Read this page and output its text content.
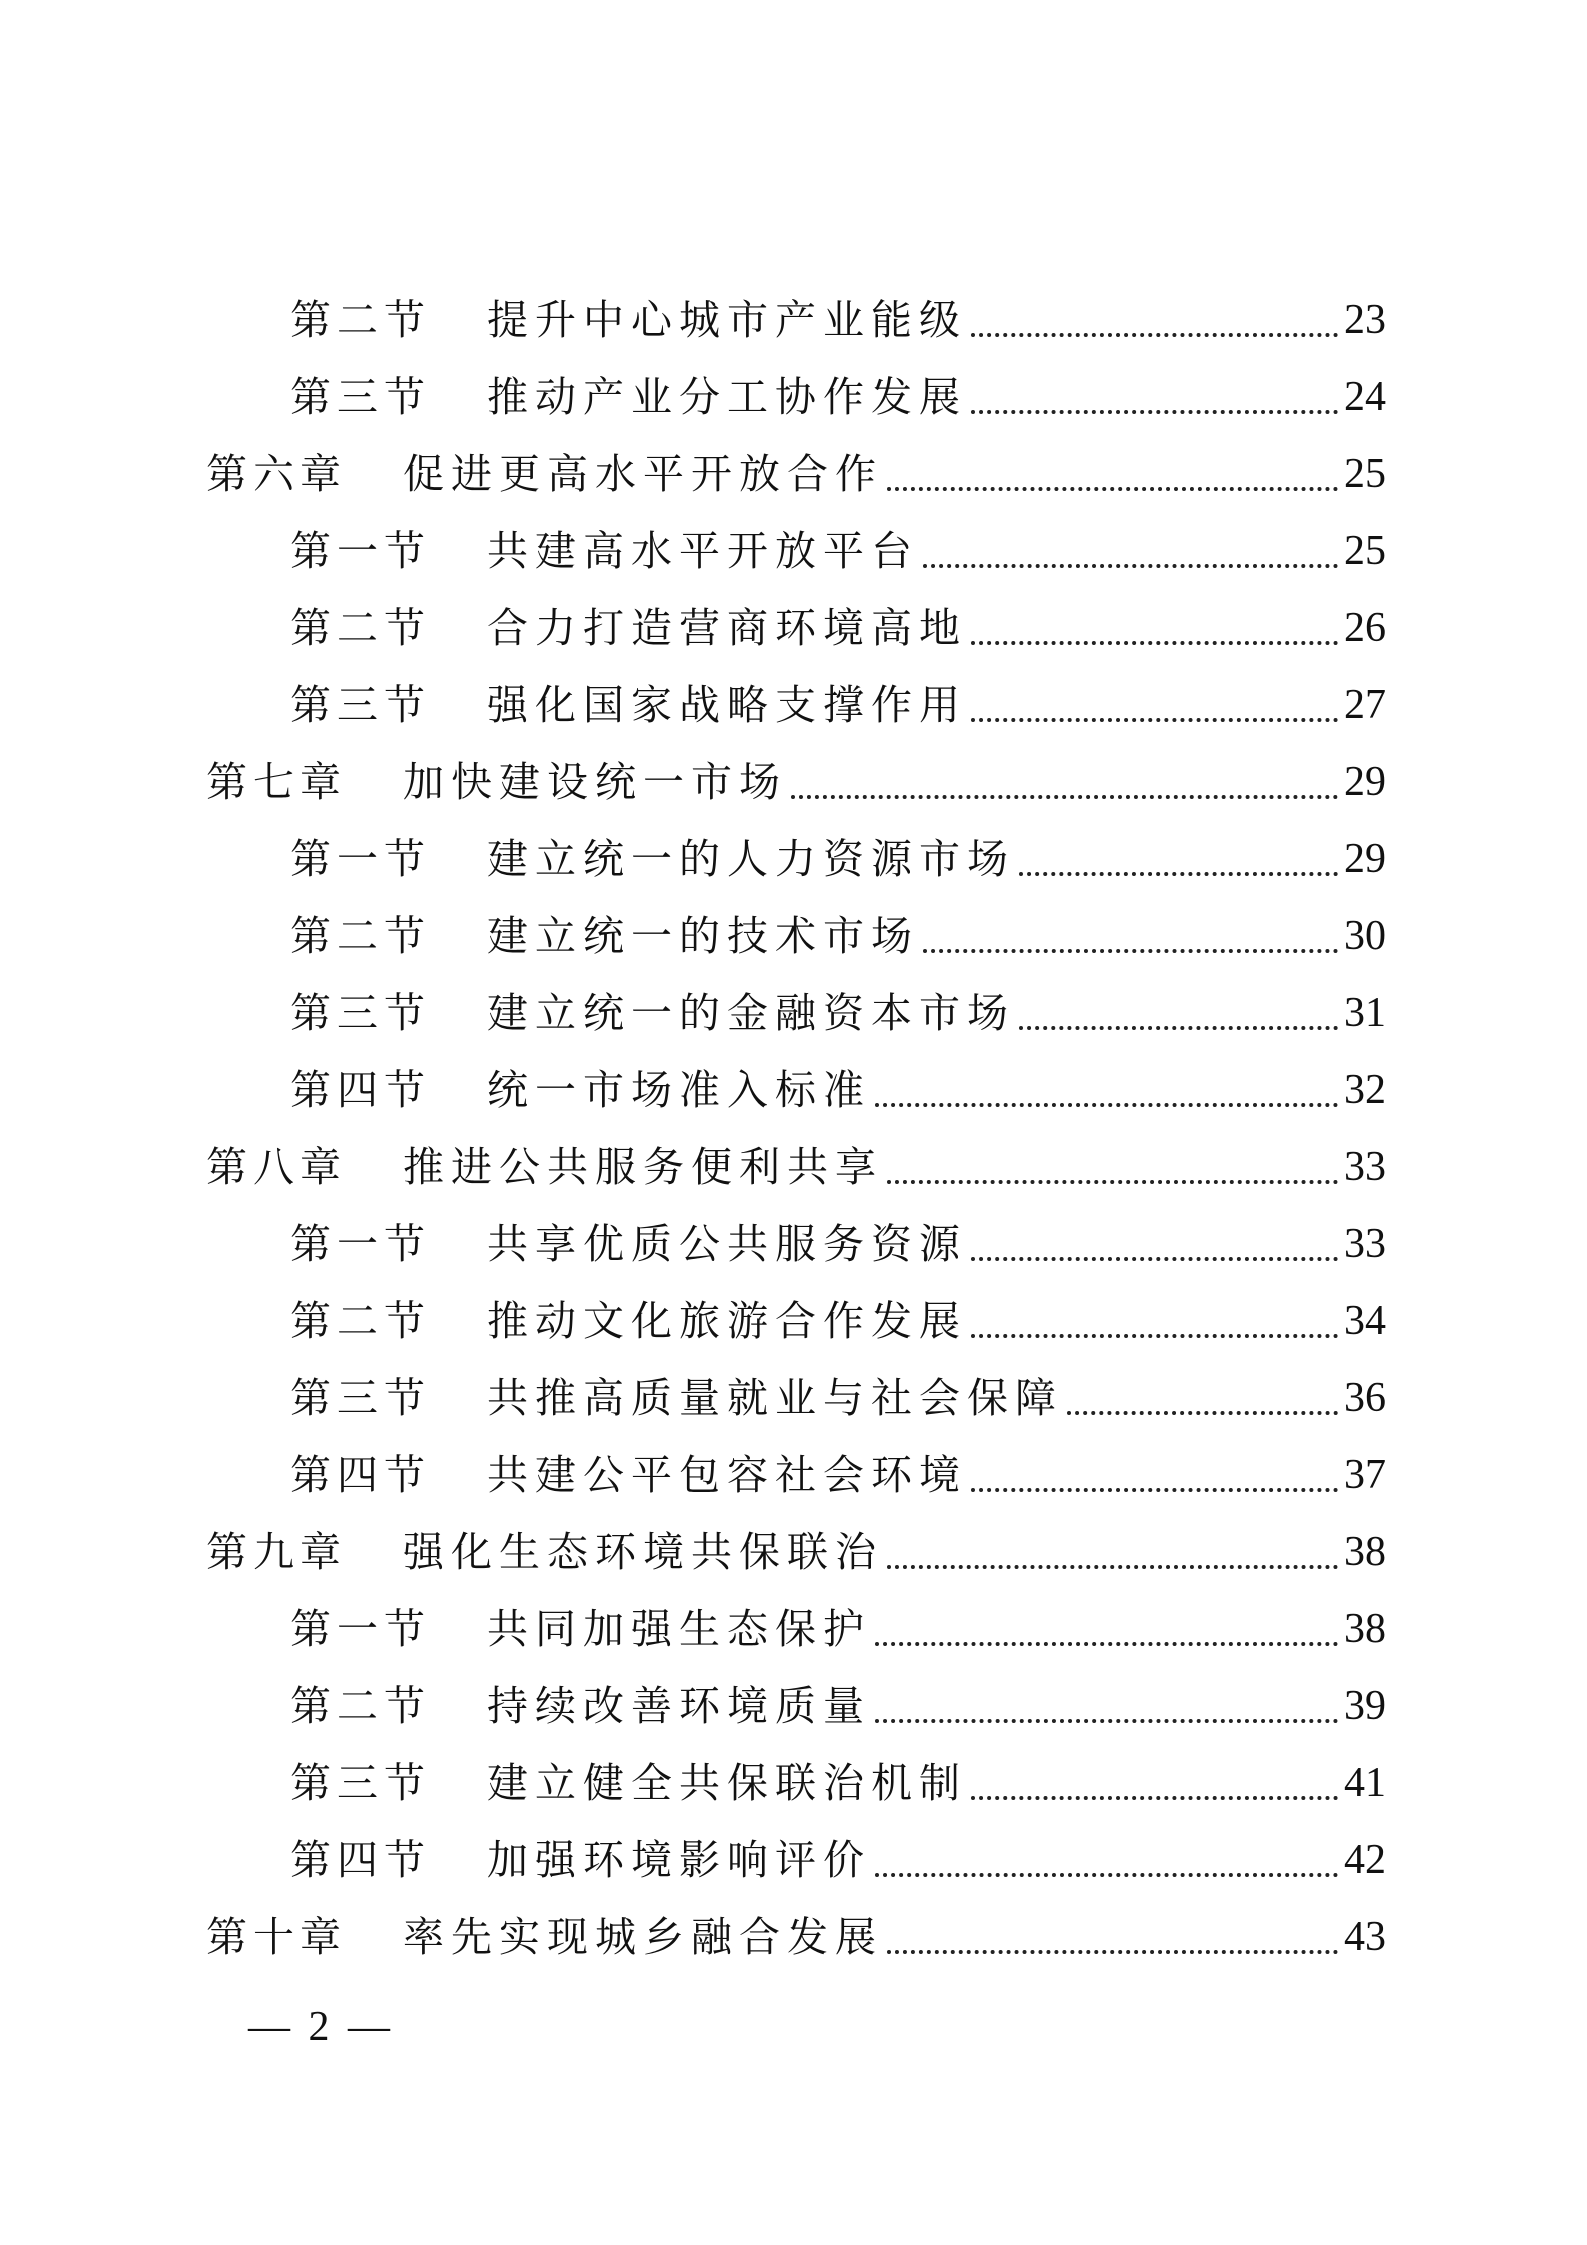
第二节 提升中心城市产业能级	23
第三节 推动产业分工协作发展	24
第六章 促进更高水平开放合作	25
第一节 共建高水平开放平台	25
第二节 合力打造营商环境高地	26
第三节 强化国家战略支撑作用	27
第七章 加快建设统一市场	29
第一节 建立统一的人力资源市场	29
第二节 建立统一的技术市场	30
第三节 建立统一的金融资本市场	31
第四节 统一市场准入标准	32
第八章 推进公共服务便利共享	33
第一节 共享优质公共服务资源	33
第二节 推动文化旅游合作发展	34
第三节 共推高质量就业与社会保障	36
第四节 共建公平包容社会环境	37
第九章 强化生态环境共保联治	38
第一节 共同加强生态保护	38
第二节 持续改善环境质量	39
第三节 建立健全共保联治机制	41
第四节 加强环境影响评价	42
第十章 率先实现城乡融合发展	43
— 2 —
